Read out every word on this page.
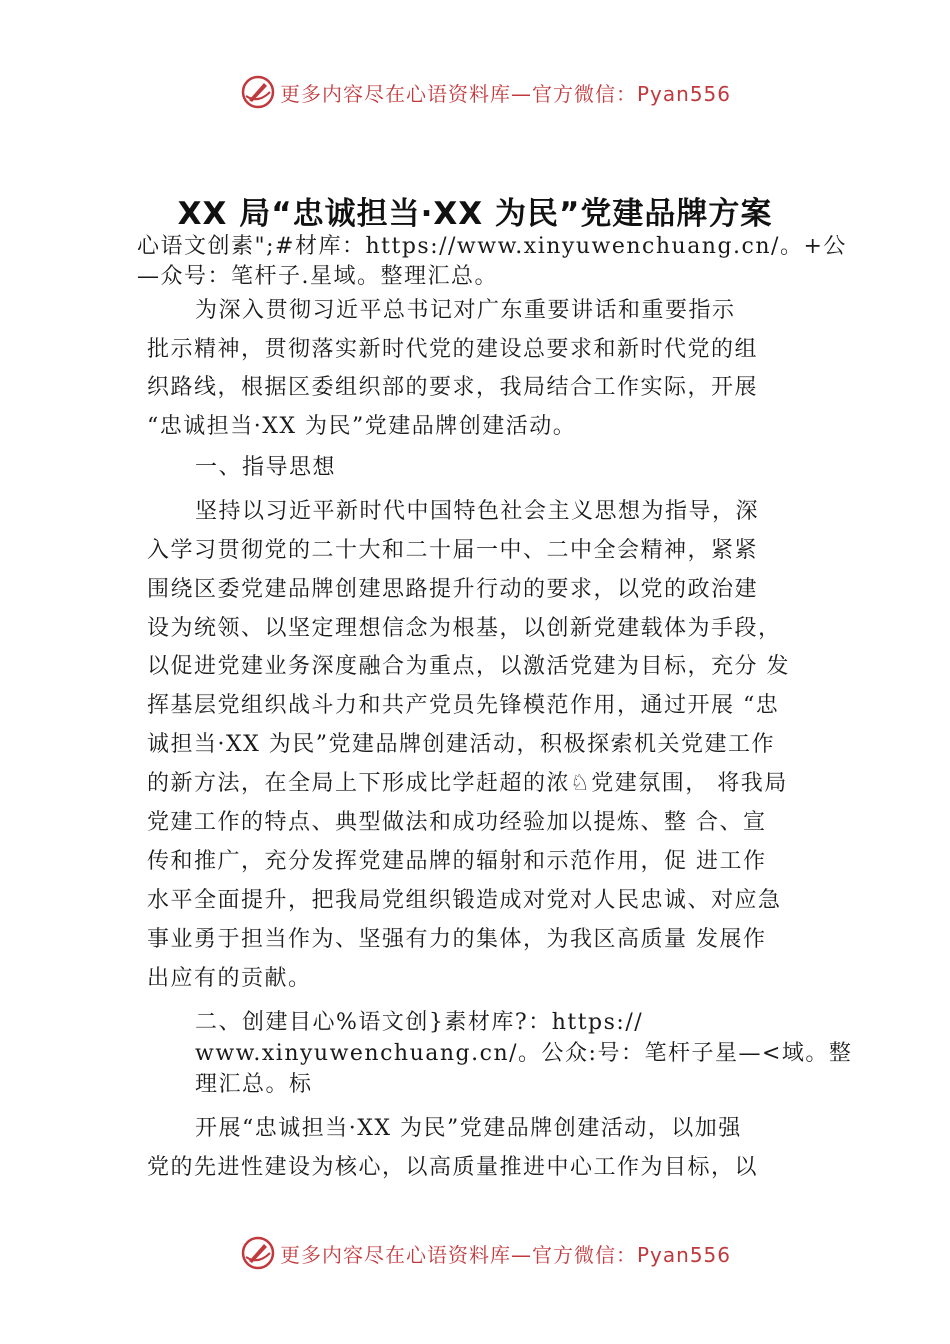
更多内容尽在心语资料库—官方微信：Pyan556
XX 局“忠诚担当·XX 为民”党建品牌方案
心语文创素";#材库：https://www.xinyuwenchuang.cn/。+公
—众号：笔杆子.星域。整理汇总。
为深入贯彻习近平总书记对广东重要讲话和重要指示
批示精神，贯彻落实新时代党的建设总要求和新时代党的组
织路线，根据区委组织部的要求，我局结合工作实际，开展
“忠诚担当·XX 为民”党建品牌创建活动。
一、指导思想
坚持以习近平新时代中国特色社会主义思想为指导，深
入学习贯彻党的二十大和二十届一中、二中全会精神，紧紧
围绕区委党建品牌创建思路提升行动的要求，以党的政治建
设为统领、以坚定理想信念为根基，以创新党建载体为手段，
以促进党建业务深度融合为重点，以激活党建为目标，充分 发
挥基层党组织战斗力和共产党员先锋模范作用，通过开展 “忠
诚担当·XX 为民”党建品牌创建活动，积极探索机关党建工作
的新方法，在全局上下形成比学赶超的浓♘党建氛围， 将我局
党建工作的特点、典型做法和成功经验加以提炼、整 合、宣
传和推广，充分发挥党建品牌的辐射和示范作用，促 进工作
水平全面提升，把我局党组织锻造成对党对人民忠诚、对应急
事业勇于担当作为、坚强有力的集体，为我区高质量 发展作
出应有的贡献。
二、创建目心%语文创}素材库?：https://
www.xinyuwenchuang.cn/。公众:号：笔杆子星—<域。整
理汇总。标
开展“忠诚担当·XX 为民”党建品牌创建活动，以加强
党的先进性建设为核心，以高质量推进中心工作为目标，以
更多内容尽在心语资料库—官方微信：Pyan556
